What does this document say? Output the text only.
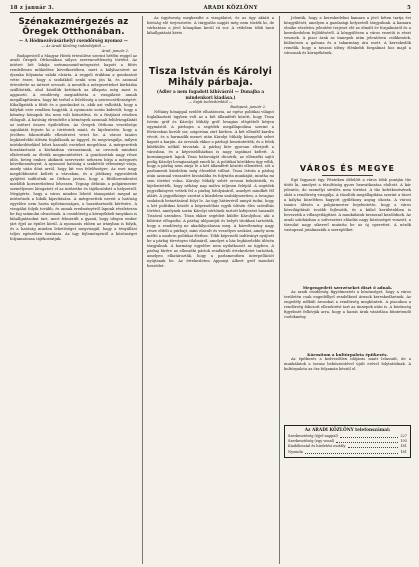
18 z január 3.	ARADI KÖZLÖNY	5
Szénakazmérgezés az Öregek Otthonában.
— A Hódmezővásárhelyi csendőrség nyomoz —
— Az Aradi Közlöny tudósítójától —
Arad, január 2.

Budapestről a Magyar Hírek értesülése szerint hétfőn reggel az aradi Öregek Otthonában súlyos szerencsétlenség történt. Az intézet hét lakója szénmonoxid-mérgezést kapott a fűtés rendellenes működése következtében, mert a kályhacsövet az éjszaka folyamán valaki elzárta. A reggeli órákban a gondozónő vette észre, hogy a szobákból senki sem jön ki, és azonnal értesítette az intézet orvosát. A mentők a mérgezetteket kórházba szállították, ahol közülük kettőnek az állapota még most is aggasztó. A rendőrség megindította a vizsgálatot annak megállapítására, hogy kit terhel a felelősség a szerencsétlenségért. Kihallgatták a fűtőt és a gondnokot is, akik azt vallották, hogy a kályhát este rendben hagyták. A nyomozás során kiderült, hogy a kémény hónapok óta nem volt kitisztítva, és a füstjárat részben eldugult. A hatóság elrendelte a kémények azonnali felülvizsgálatát az intézet összes épületében. Az Öregek Otthona vezetősége sajnálatát fejezte ki a történtek miatt, és kijelentette, hogy a jövőben fokozottabb ellenőrzést vezet be. A városi tanács legközelebbi ülésén foglalkozik az üggyel, és megvizsgálja, milyen intézkedésekkel lehet hasonló eseteket megelőzni. A mérgezettek hozzátartozói a kórházban virrasztanak, az orvosok mindent elkövetnek az életük megmentéséért. A gondozottak nagy része idős, beteg ember, akiknek szervezete nehezen bírja a mérgezés következményeit. A nyomozó hatóság a szakértői véleményt várja, amely után dönt arról, hogy kit von felelősségre. Az eset nagy megdöbbenést keltett a városban, és a jótékony egyesületek gyűjtést indítottak az Otthon javára, hogy a fűtőberendezést mielőbb korszerűsíteni lehessen. Tegnap délután a polgármester személyesen látogatott el az intézetbe és tájékozódott a helyzetről. Megígérte, hogy a város minden lehető támogatást megad az intézetnek a hibák kijavítására. A mérgezettek neveit a hatóság egyelőre nem hozta nyilvánosságra, a hozzátartozók kérésére. A vizsgálat folyik tovább, és annak eredményéről lapunk részletesen be fog számolni olvasóinak. A csendőrség a környékbeli tanyákon is kihallgatásokat tart, mert felmerült a gyanú, hogy idegen ember járt éjjel az épület körül. A nyomozás ebben az irányban is folyik, és a hatóság minden lehetőséget megvizsgál, hogy a tényállást teljes egészében tisztázza. Az ügy fejleményeiről a közönséget folyamatosan tájékoztatjuk.

Az ügyészség megkezdte a vizsgálatot, és az ügy aktáit a bíróság elé terjesztette. A tárgyalás napját még nem tűzték ki, de várhatóan a jövő hónapban kerül rá sor. A védelem több tanú kihallgatását kérte.

Tisza István és Károlyi Mihály párbaja.
(Adler a nem fogadott kihívásról — Dunajba a mindenkori kiadása.)
— Saját tudósítónktól —
Budapest, január 2.

Néhány hónappal ezelőtt elhatározta, az egész politikai világot foglalkoztató ügyben volt az a két államférfi között, hogy Tisza István gróf és Károlyi Mihály gróf lovagias elégtételt kérjen egymástól. A párbajra a segédek megállapodása szerint a fővárosban került sor, szigorúan zárt körben. A két ellenfél kardra vívott, és a harmadik menet után Károlyi Mihály könnyebb sebet kapott a karján. Az orvosok ekkor a párbajt beszüntették, és a felek kibékülés nélkül távoztak. A párbaj híre gyorsan elterjedt a városban, és a képviselőházban is nagy izgalmat keltett. A kormánypárti lapok Tisza bátorságát dicsérik, az ellenzéki sajtó pedig Károlyi lovagiasságát emeli ki. A politikai körökben úgy vélik, hogy a párbaj nem zárja le a két államférfi közötti ellentétet, sőt a parlamenti küzdelem még élesebbé válhat. Tisza István a párbaj után azonnal visszatért hivatalába és folytatta munkáját, mintha mi sem történt volna. Károlyi Mihály sebét orvosai bekötözték, és kijelentették, hogy néhány nap múlva teljesen felépül. A segédek jegyzőkönyvet vettek fel a párbaj lefolyásáról, amelyet mindkét fél aláírt. A jegyzőkönyv szerint a küzdelem szabályszerűen, a lovagias szokások betartásával folyt le. Az ügy hátteréről annyit tudni, hogy a két politikus között a képviselőház egyik ülésén éles szóváltás történt, amelynek során Károlyi sértőnek tartott kifejezést használt Tiszával szemben. Tisza ekkor segédeit küldte Károlyihoz, aki a kihívást elfogadta. A párbaj időpontját és helyét titokban tartották, hogy a rendőrség ne akadályozhassa meg. A közvélemény nagy része elítéli a párbajt, mint elavult és veszélyes szokást, amely nem méltó a modern politikai élethez. Több képviselő indítványt nyújtott be a párbaj törvényes tilalmáról, amelyet a ház legközelebbi ülésén tárgyalnak. A kormány egyelőre nem nyilatkozott az ügyben. A párbaj hírére az ellenzéki pártok rendkívüli értekezletet tartottak, amelyen elhatározták, hogy a parlamentben interpellációt nyújtanak be. Az értekezleten Apponyi Albert gróf mondott beszédet.

Jelentik, hogy a kereskedelmi kamara a jövő héten tartja évi közgyűlését, amelyen a gazdasági helyzetről tárgyalnak. A kamara elnöke részletes jelentést terjeszt elő az elmúlt év forgalmáról és a kereskedelem fejlődéséről. A közgyűlésen a város vezetői is részt vesznek. A piaci árak az ünnepek után jelentősen csökkentek, különösen a gabona és a takarmány ára esett. A kereskedők remélik, hogy a tavaszi idény élénkebb forgalmat hoz majd a városnak és környékének.

VÁROS ÉS MEGYE

Égő fagyaszt égy. Pénteken délelőtt a város több pontján tűz ütött ki, amelyet a tűzoltóság gyors beavatkozása eloltott. A kár jelentős, de személyi sérülés nem történt. A tűz keletkezésének okát a rendőrség vizsgálja. A tűzoltók megállapítása szerint a tüzet a kályha közelében hagyott gyúlékony anyag okozta. A városi tanács ülésén a polgármester bejelentette, hogy a város közvilágítását tovább fejlesztik, és a külső kerületekben is bevezetik a villanyvilágítást. A munkálatok tavasszal kezdődnek. Az aradi színházban a szilveszteri előadás nagy közönséget vonzott, a társulat nagy sikerrel mutatta be az új operettet. A nézők vastapssal jutalmazták a szereplőket.

Megengedett szerzéseket díszt ő adnak.

Az aradi rendőrség figyelmezteti a közönséget, hogy a város területén csak engedéllyel rendelkező árusok kereskedhetnek. Az engedély nélküli árusokat a rendőrség megbünteti. A piacokon a rendőrség fokozott ellenőrzést tart az ünnepek után is. A közönség figyelmét felhívják arra, hogy a hamis áruk vásárlása büntetendő cselekmény.

Károsítom a kultúrpalota építkezés.

Az építkezés a kedvezőtlen időjárás miatt lelassult, de a munkálatok a tavasz beköszöntével újult erővel folytatódnak. A kultúrpalota az ősz folyamán készül el.

Az ARADI KÖZLÖNY telefonszámai:
Szerkesztőség (éjjel-nappal)	227
Szerkesztőség (egy vonal)	193
Kiadóhivatal és hirdetési osztály	181
Nyomda	181
